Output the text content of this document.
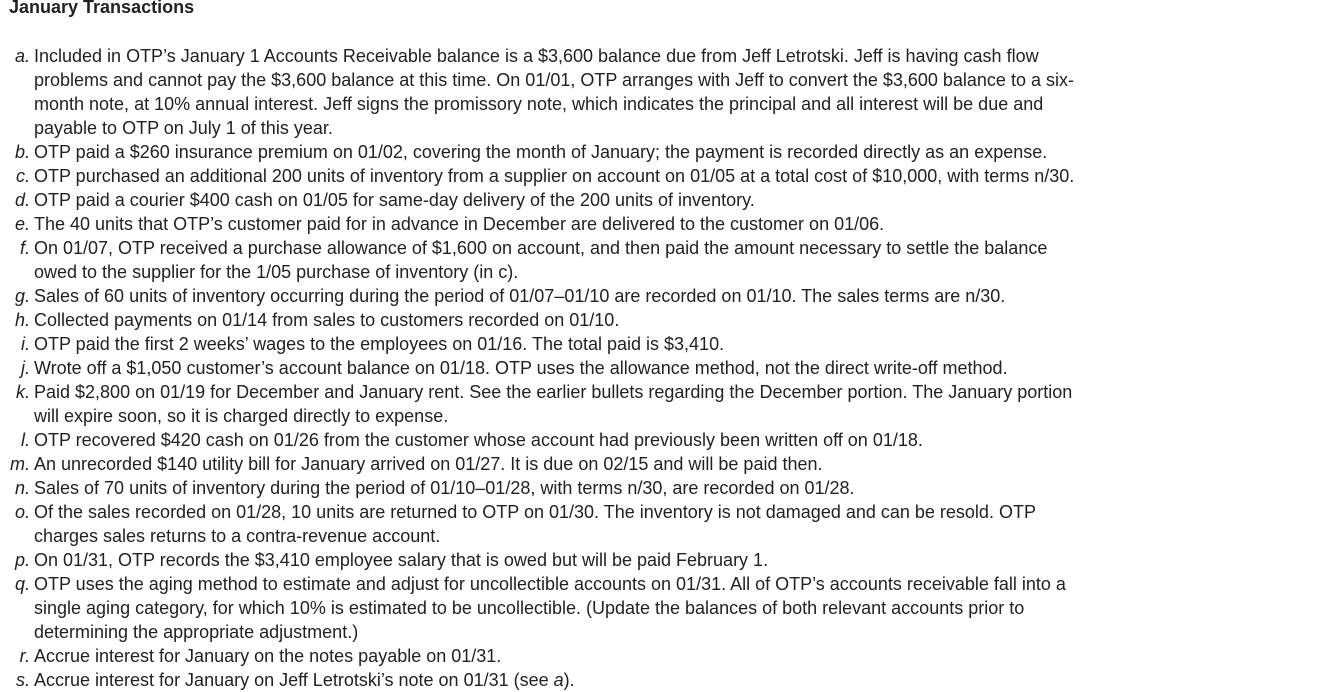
January Transactions
a. Included in OTP’s January 1 Accounts Receivable balance is a $3,600 balance due from Jeff Letrotski. Jeff is having cash flow
problems and cannot pay the $3,600 balance at this time. On 01/01, OTP arranges with Jeff to convert the $3,600 balance to a six-
month note, at 10% annual interest. Jeff signs the promissory note, which indicates the principal and all interest will be due and
payable to OTP on July 1 of this year.
b. OTP paid a $260 insurance premium on 01/02, covering the month of January; the payment is recorded directly as an expense.
c. OTP purchased an additional 200 units of inventory from a supplier on account on 01/05 at a total cost of $10,000, with terms n/30.
d. OTP paid a courier $400 cash on 01/05 for same-day delivery of the 200 units of inventory.
e. The 40 units that OTP’s customer paid for in advance in December are delivered to the customer on 01/06.
f. On 01/07, OTP received a purchase allowance of $1,600 on account, and then paid the amount necessary to settle the balance
owed to the supplier for the 1/05 purchase of inventory (in c).
g. Sales of 60 units of inventory occurring during the period of 01/07–01/10 are recorded on 01/10. The sales terms are n/30.
h. Collected payments on 01/14 from sales to customers recorded on 01/10.
i. OTP paid the first 2 weeks’ wages to the employees on 01/16. The total paid is $3,410.
j. Wrote off a $1,050 customer’s account balance on 01/18. OTP uses the allowance method, not the direct write-off method.
k. Paid $2,800 on 01/19 for December and January rent. See the earlier bullets regarding the December portion. The January portion
will expire soon, so it is charged directly to expense.
l. OTP recovered $420 cash on 01/26 from the customer whose account had previously been written off on 01/18.
m. An unrecorded $140 utility bill for January arrived on 01/27. It is due on 02/15 and will be paid then.
n. Sales of 70 units of inventory during the period of 01/10–01/28, with terms n/30, are recorded on 01/28.
o. Of the sales recorded on 01/28, 10 units are returned to OTP on 01/30. The inventory is not damaged and can be resold. OTP
charges sales returns to a contra-revenue account.
p. On 01/31, OTP records the $3,410 employee salary that is owed but will be paid February 1.
q. OTP uses the aging method to estimate and adjust for uncollectible accounts on 01/31. All of OTP’s accounts receivable fall into a
single aging category, for which 10% is estimated to be uncollectible. (Update the balances of both relevant accounts prior to
determining the appropriate adjustment.)
r. Accrue interest for January on the notes payable on 01/31.
s. Accrue interest for January on Jeff Letrotski’s note on 01/31 (see a).
